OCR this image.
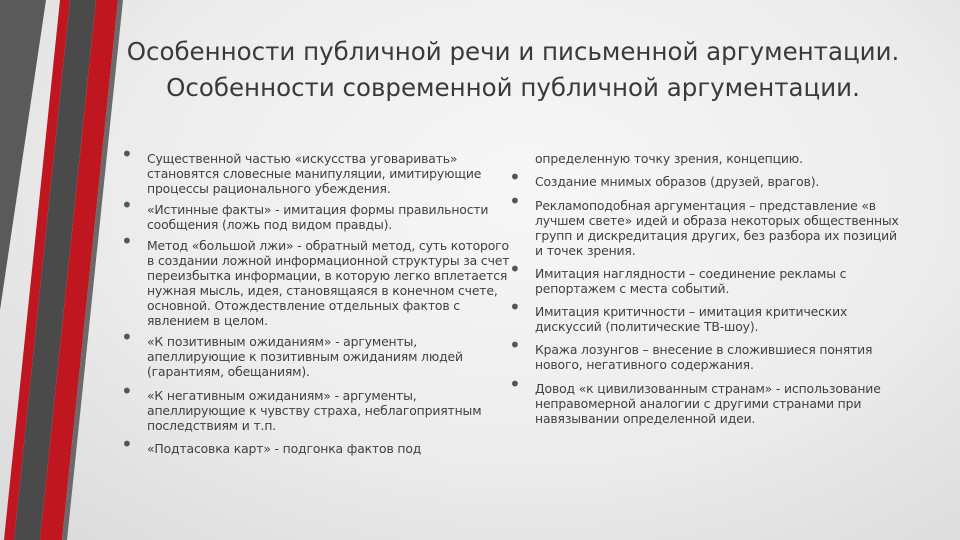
Особенности публичной речи и письменной аргументации.
Особенности современной публичной аргументации.
• Существенной частью «искусства уговаривать»
становятся словесные манипуляции, имитирующие
процессы рационального убеждения.
• «Истинные факты» - имитация формы правильности
сообщения (ложь под видом правды).
• Метод «большой лжи» - обратный метод, суть которого
в создании ложной информационной структуры за счет
переизбытка информации, в которую легко вплетается
нужная мысль, идея, становящаяся в конечном счете,
основной. Отождествление отдельных фактов с
явлением в целом.
• «К позитивным ожиданиям» - аргументы,
апеллирующие к позитивным ожиданиям людей
(гарантиям, обещаниям).
• «К негативным ожиданиям» - аргументы,
апеллирующие к чувству страха, неблагоприятным
последствиям и т.п.
• «Подтасовка карт» - подгонка фактов под
определенную точку зрения, концепцию.
• Создание мнимых образов (друзей, врагов).
• Рекламоподобная аргументация – представление «в
лучшем свете» идей и образа некоторых общественных
групп и дискредитация других, без разбора их позиций
и точек зрения.
• Имитация наглядности – соединение рекламы с
репортажем с места событий.
• Имитация критичности – имитация критических
дискуссий (политические ТВ-шоу).
• Кража лозунгов – внесение в сложившиеся понятия
нового, негативного содержания.
• Довод «к цивилизованным странам» - использование
неправомерной аналогии с другими странами при
навязывании определенной идеи.
